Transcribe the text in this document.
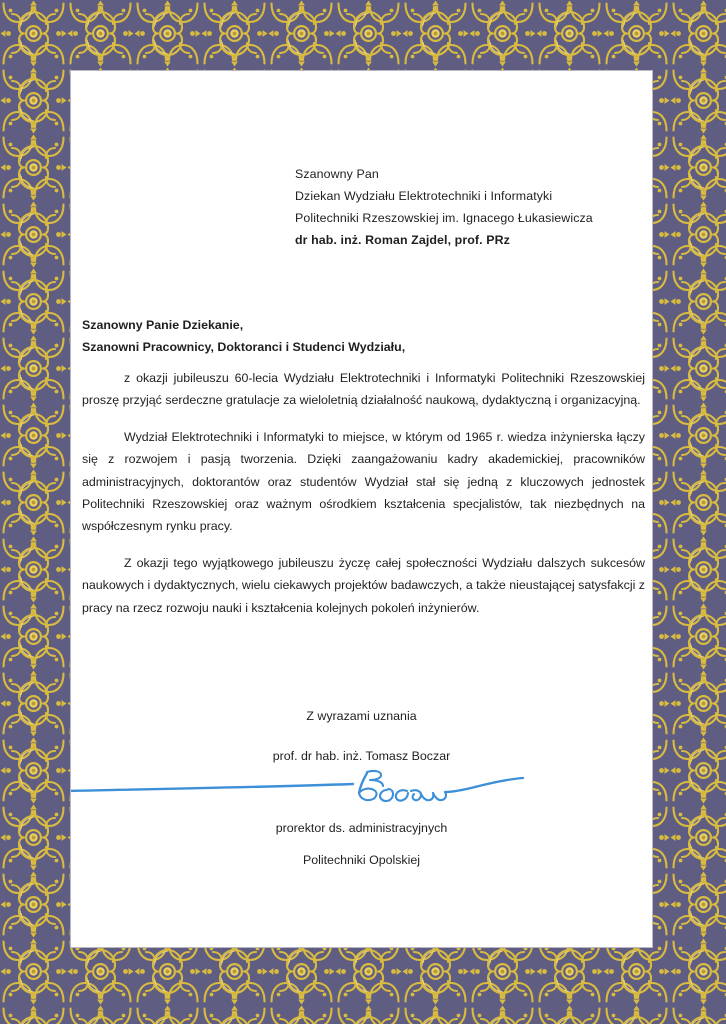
Szanowny Pan
Dziekan Wydziału Elektrotechniki i Informatyki
Politechniki Rzeszowskiej im. Ignacego Łukasiewicza
dr hab. inż. Roman Zajdel, prof. PRz
Szanowny Panie Dziekanie,
Szanowni Pracownicy, Doktoranci i Studenci Wydziału,

z okazji jubileuszu 60-lecia Wydziału Elektrotechniki i Informatyki Politechniki Rzeszowskiej proszę przyjąć serdeczne gratulacje za wieloletnią działalność naukową, dydaktyczną i organizacyjną.

Wydział Elektrotechniki i Informatyki to miejsce, w którym od 1965 r. wiedza inżynierska łączy się z rozwojem i pasją tworzenia. Dzięki zaangażowaniu kadry akademickiej, pracowników administracyjnych, doktorantów oraz studentów Wydział stał się jedną z kluczowych jednostek Politechniki Rzeszowskiej oraz ważnym ośrodkiem kształcenia specjalistów, tak niezbędnych na współczesnym rynku pracy.

Z okazji tego wyjątkowego jubileuszu życzę całej społeczności Wydziału dalszych sukcesów naukowych i dydaktycznych, wielu ciekawych projektów badawczych, a także nieustającej satysfakcji z pracy na rzecz rozwoju nauki i kształcenia kolejnych pokoleń inżynierów.

Z wyrazami uznania
prof. dr hab. inż. Tomasz Boczar
prorektor ds. administracyjnych
Politechniki Opolskiej
